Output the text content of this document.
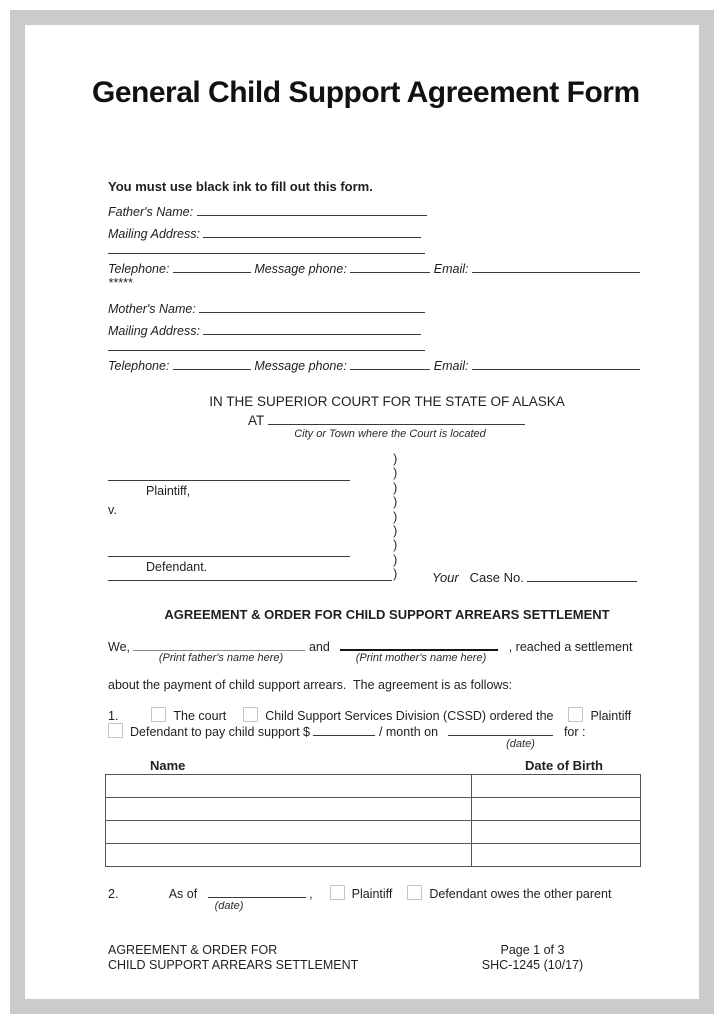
General Child Support Agreement Form
You must use black ink to fill out this form.
Father's Name:
Mailing Address:
Telephone:	Message phone:	Email:
*****
Mother's Name:
Mailing Address:
Telephone:	Message phone:	Email:
IN THE SUPERIOR COURT FOR THE STATE OF ALASKA
AT
City or Town where the Court is located
)
)
)
)
)
)
)
)
)
Plaintiff,
v.
Defendant.
Your Case No.
AGREEMENT & ORDER FOR CHILD SUPPORT ARREARS SETTLEMENT
We,	and	, reached a settlement
(Print father's name here)	(Print mother's name here)
about the payment of child support arrears.  The agreement is as follows:
1.	The court	Child Support Services Division (CSSD) ordered the	Plaintiff
Defendant to pay child support $	/ month on	for :
(date)
Name	Date of Birth

2.	As of	,	Plaintiff	Defendant owes the other parent
(date)
AGREEMENT & ORDER FOR
CHILD SUPPORT ARREARS SETTLEMENT
Page 1 of 3
SHC-1245 (10/17)
